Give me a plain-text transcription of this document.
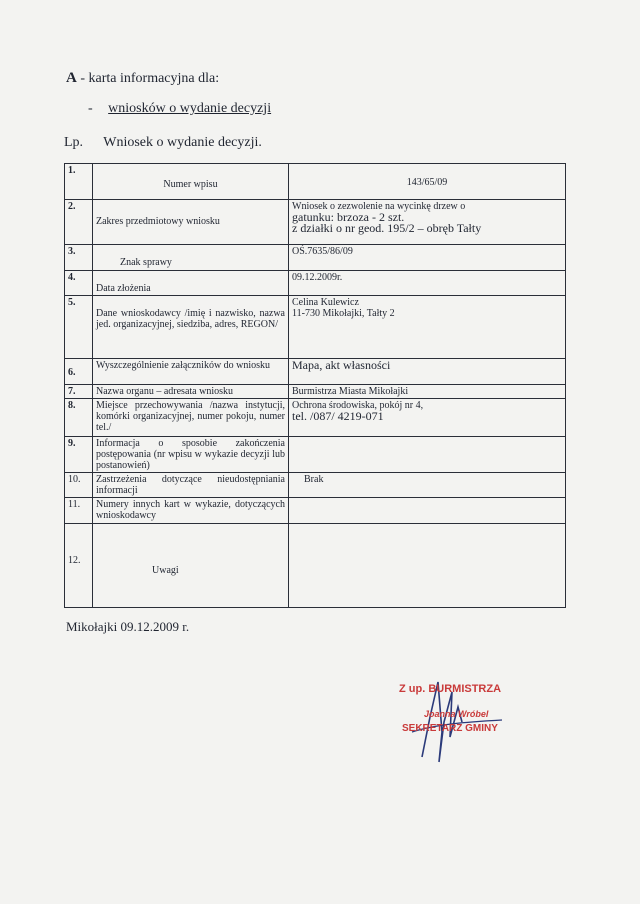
A - karta informacyjna dla:
- wniosków o wydanie decyzji
Lp. Wniosek o wydanie decyzji.
1.	Numer wpisu	143/65/09

2.	Zakres przedmiotowy wniosku	Wniosek o zezwolenie na wycinkę drzew o
gatunku: brzoza - 2 szt.
z działki o nr geod. 195/2 – obręb Tałty

3.	Znak sprawy	OŚ.7635/86/09

4.	Data złożenia	09.12.2009r.

5.	Dane wnioskodawcy /imię i nazwisko, nazwa jed. organizacyjnej, siedziba, adres, REGON/	Celina Kulewicz
11-730 Mikołajki, Tałty 2

6.	Wyszczególnienie załączników do wniosku	Mapa, akt własności
7.	Nazwa organu – adresata wniosku	Burmistrza Miasta Mikołajki
8.	Miejsce przechowywania /nazwa instytucji, komórki organizacyjnej, numer pokoju, numer tel./	Ochrona środowiska, pokój nr 4,
tel. /087/ 4219-071

9.	Informacja o sposobie zakończenia postępowania (nr wpisu w wykazie decyzji lub postanowień)	
10.	Zastrzeżenia dotyczące nieudostępniania informacji	Brak

11.	Numery innych kart w wykazie, dotyczących wnioskodawcy	

12.	Uwagi	

Mikołajki 09.12.2009 r.
Z up. BURMISTRZA
Joanna Wróbel
SEKRETARZ GMINY
